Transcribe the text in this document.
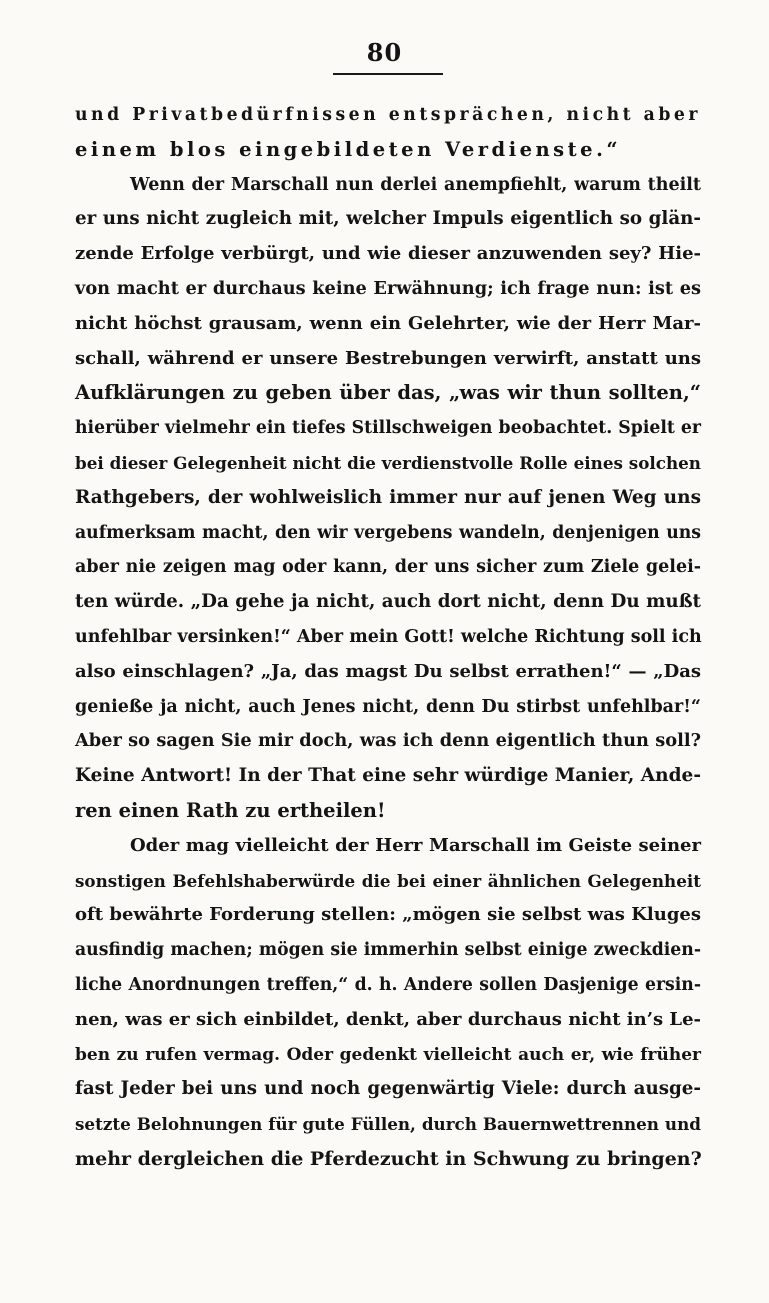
80
und Privatbedürfnissen entsprächen, nicht aber
einem blos eingebildeten Verdienste.“
Wenn der Marschall nun derlei anempfiehlt, warum theilt
er uns nicht zugleich mit, welcher Impuls eigentlich so glän-
zende Erfolge verbürgt, und wie dieser anzuwenden sey? Hie-
von macht er durchaus keine Erwähnung; ich frage nun: ist es
nicht höchst grausam, wenn ein Gelehrter, wie der Herr Mar-
schall, während er unsere Bestrebungen verwirft, anstatt uns
Aufklärungen zu geben über das, „was wir thun sollten,“
hierüber vielmehr ein tiefes Stillschweigen beobachtet. Spielt er
bei dieser Gelegenheit nicht die verdienstvolle Rolle eines solchen
Rathgebers, der wohlweislich immer nur auf jenen Weg uns
aufmerksam macht, den wir vergebens wandeln, denjenigen uns
aber nie zeigen mag oder kann, der uns sicher zum Ziele gelei-
ten würde. „Da gehe ja nicht, auch dort nicht, denn Du mußt
unfehlbar versinken!“ Aber mein Gott! welche Richtung soll ich
also einschlagen? „Ja, das magst Du selbst errathen!“ — „Das
genieße ja nicht, auch Jenes nicht, denn Du stirbst unfehlbar!“
Aber so sagen Sie mir doch, was ich denn eigentlich thun soll?
Keine Antwort! In der That eine sehr würdige Manier, Ande-
ren einen Rath zu ertheilen!
Oder mag vielleicht der Herr Marschall im Geiste seiner
sonstigen Befehlshaberwürde die bei einer ähnlichen Gelegenheit
oft bewährte Forderung stellen: „mögen sie selbst was Kluges
ausfindig machen; mögen sie immerhin selbst einige zweckdien-
liche Anordnungen treffen,“ d. h. Andere sollen Dasjenige ersin-
nen, was er sich einbildet, denkt, aber durchaus nicht in’s Le-
ben zu rufen vermag. Oder gedenkt vielleicht auch er, wie früher
fast Jeder bei uns und noch gegenwärtig Viele: durch ausge-
setzte Belohnungen für gute Füllen, durch Bauernwettrennen und
mehr dergleichen die Pferdezucht in Schwung zu bringen?
